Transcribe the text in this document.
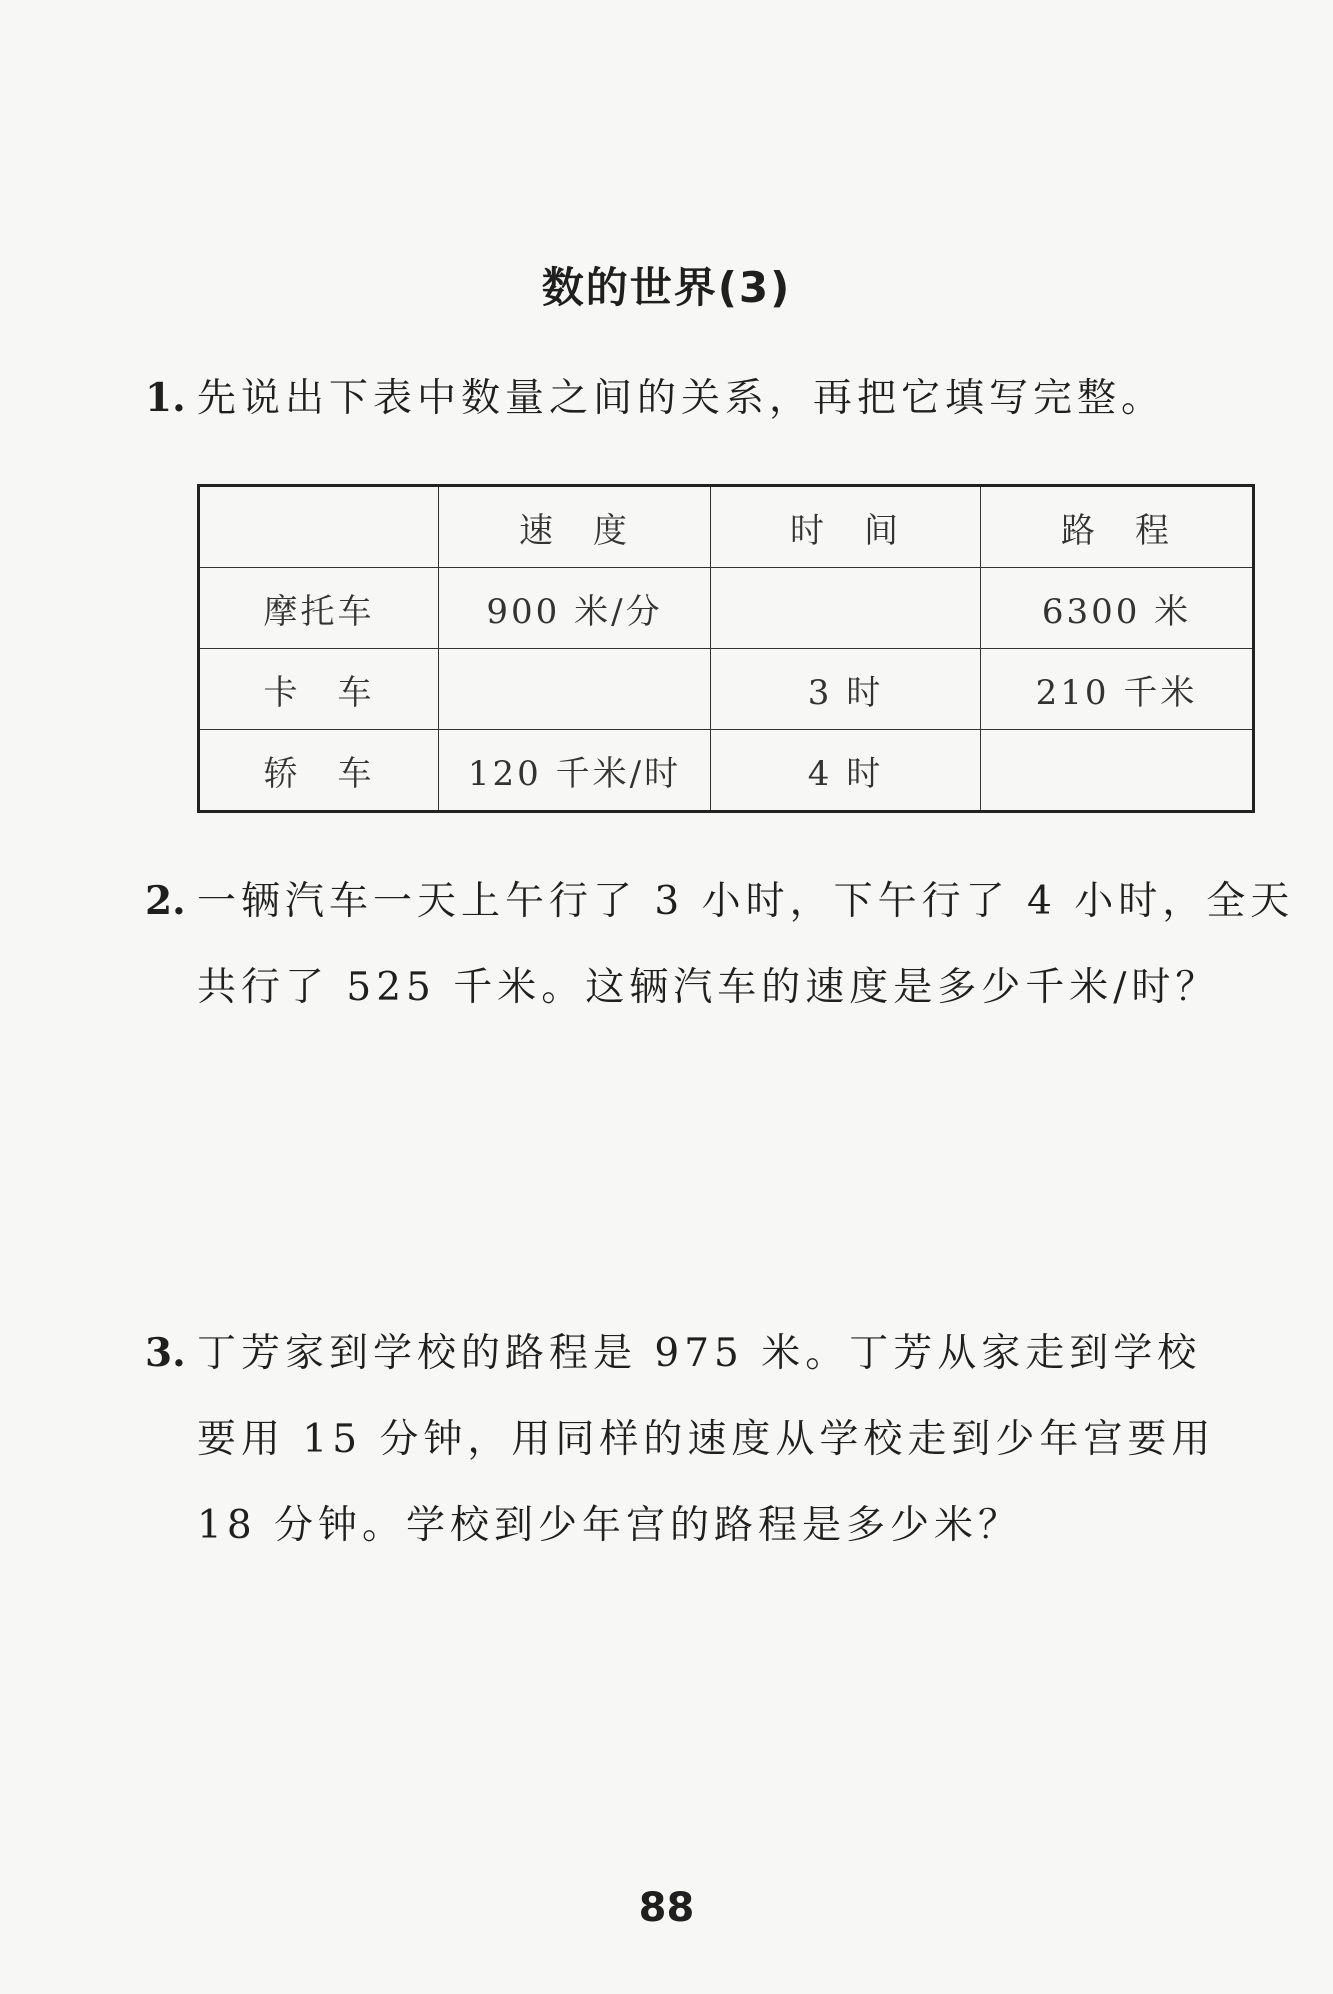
数的世界(3)
1. 先说出下表中数量之间的关系，再把它填写完整。
	速　度	时　间	路　程
摩托车	900 米/分		6300 米
卡　车		3 时	210 千米
轿　车	120 千米/时	4 时	
2. 一辆汽车一天上午行了 3 小时，下午行了 4 小时，全天
共行了 525 千米。这辆汽车的速度是多少千米/时？
3. 丁芳家到学校的路程是 975 米。丁芳从家走到学校
要用 15 分钟，用同样的速度从学校走到少年宫要用
18 分钟。学校到少年宫的路程是多少米？
88
